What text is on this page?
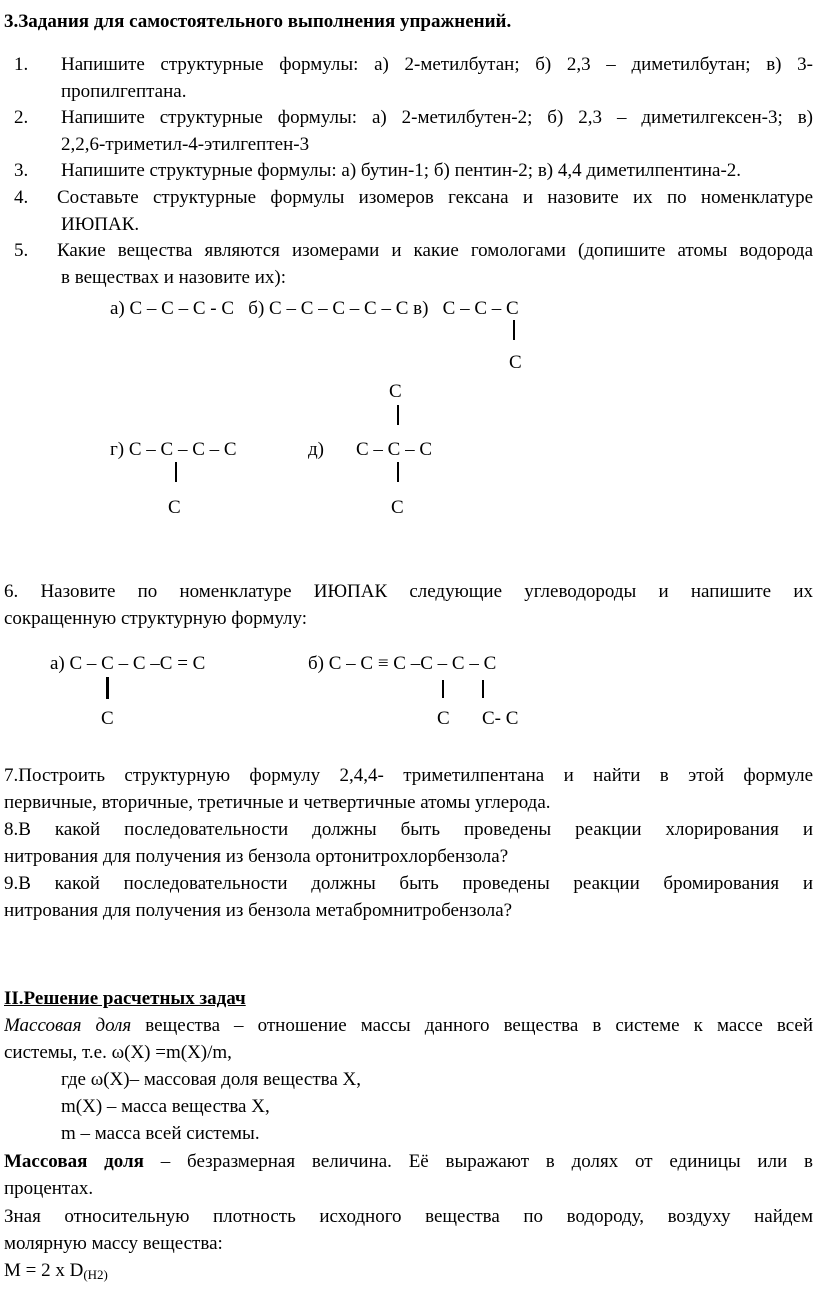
3.Задания для самостоятельного выполнения упражнений.
1. Напишите структурные формулы: а) 2-метилбутан; б) 2,3 – диметилбутан; в) 3-
пропилгептана.
2. Напишите структурные формулы: а) 2-метилбутен-2; б) 2,3 – диметилгексен-3; в)
2,2,6-триметил-4-этилгептен-3
3. Напишите структурные формулы: а) бутин-1; б) пентин-2; в) 4,4 диметилпентина-2.
4. Составьте структурные формулы изомеров гексана и назовите их по номенклатуре
ИЮПАК.
5. Какие вещества являются изомерами и какие гомологами (допишите атомы водорода
в веществах и назовите их):
а) С – С – С - С   б) С – С – С – С – С в)   С – С – С
С
С
г) С – С – С – С	д) С – С – С
С	С
6. Назовите по номенклатуре ИЮПАК следующие углеводороды и напишите их
сокращенную структурную формулу:
а) С – С – С –С = С	б) С – С ≡ С –С – С – С
С	С С- С
7.Построить структурную формулу 2,4,4- триметилпентана и найти в этой формуле
первичные, вторичные, третичные и четвертичные атомы углерода.
8.В какой последовательности должны быть проведены реакции хлорирования и
нитрования для получения из бензола ортонитрохлорбензола?
9.В какой последовательности должны быть проведены реакции бромирования и
нитрования для получения из бензола метабромнитробензола?
II.Решение расчетных задач
Массовая доля вещества – отношение массы данного вещества в системе к массе всей
системы, т.е. ω(X) =m(X)/m,
где ω(X)– массовая доля вещества X,
m(X) – масса вещества X,
m – масса всей системы.
Массовая доля – безразмерная величина. Её выражают в долях от единицы или в
процентах.
Зная относительную плотность исходного вещества по водороду, воздуху найдем
молярную массу вещества:
М = 2 х D(H2)
